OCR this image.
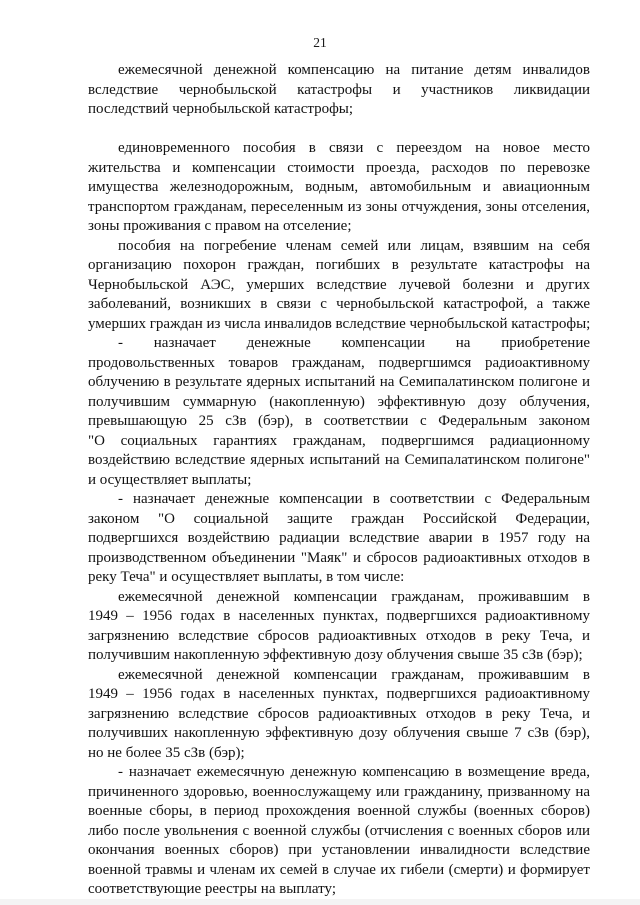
21
ежемесячной денежной компенсацию на питание детям инвалидов
вследствие чернобыльской катастрофы и участников ликвидации
последствий чернобыльской катастрофы;
единовременного пособия в связи с переездом на новое место
жительства и компенсации стоимости проезда, расходов по перевозке
имущества железнодорожным, водным, автомобильным и авиационным
транспортом гражданам, переселенным из зоны отчуждения, зоны отселения,
зоны проживания с правом на отселение;
пособия на погребение членам семей или лицам, взявшим на себя
организацию похорон граждан, погибших в результате катастрофы на
Чернобыльской АЭС, умерших вследствие лучевой болезни и других
заболеваний, возникших в связи с чернобыльской катастрофой, а также
умерших граждан из числа инвалидов вследствие чернобыльской катастрофы;
- назначает денежные компенсации на приобретение
продовольственных товаров гражданам, подвергшимся радиоактивному
облучению в результате ядерных испытаний на Семипалатинском полигоне и
получившим суммарную (накопленную) эффективную дозу облучения,
превышающую 25 сЗв (бэр), в соответствии с Федеральным законом
"О социальных гарантиях гражданам, подвергшимся радиационному
воздействию вследствие ядерных испытаний на Семипалатинском полигоне"
и осуществляет выплаты;
- назначает денежные компенсации в соответствии с Федеральным
законом "О социальной защите граждан Российской Федерации,
подвергшихся воздействию радиации вследствие аварии в 1957 году на
производственном объединении "Маяк" и сбросов радиоактивных отходов в
реку Теча" и осуществляет выплаты, в том числе:
ежемесячной денежной компенсации гражданам, проживавшим в
1949 – 1956 годах в населенных пунктах, подвергшихся радиоактивному
загрязнению вследствие сбросов радиоактивных отходов в реку Теча, и
получившим накопленную эффективную дозу облучения свыше 35 сЗв (бэр);
ежемесячной денежной компенсации гражданам, проживавшим в
1949 – 1956 годах в населенных пунктах, подвергшихся радиоактивному
загрязнению вследствие сбросов радиоактивных отходов в реку Теча, и
получивших накопленную эффективную дозу облучения свыше 7 сЗв (бэр),
но не более 35 сЗв (бэр);
- назначает ежемесячную денежную компенсацию в возмещение вреда,
причиненного здоровью, военнослужащему или гражданину, призванному на
военные сборы, в период прохождения военной службы (военных сборов)
либо после увольнения с военной службы (отчисления с военных сборов или
окончания военных сборов) при установлении инвалидности вследствие
военной травмы и членам их семей в случае их гибели (смерти) и формирует
соответствующие реестры на выплату;
